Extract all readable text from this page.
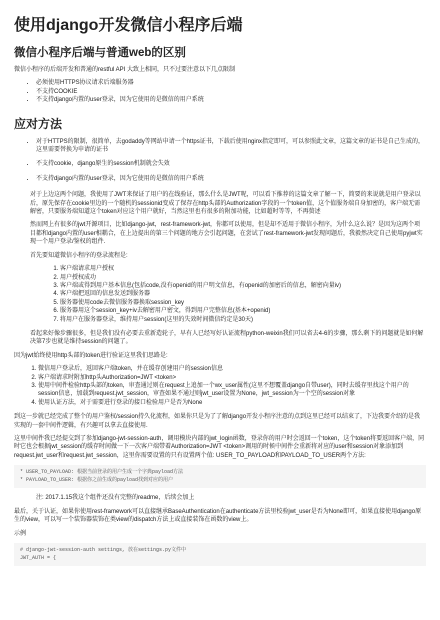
使用django开发微信小程序后端
微信小程序后端与普通web的区别

微信小程序的后端开发和普通的restful API 大致上相同，只不过要注意以下几点限制

• 必须使用HTTPS协议请求后端服务器
• 不支持COOKIE
• 不支持django内置的user登录，因为它使用的是微信的用户系统
应对方法
• 对于HTTPS的限制，很简单，去godaddy等网站申请一个https证书，下载后使用nginx指定即可，可以参照此文章，这篇文章的证书是自己生成的，这里需要替换为申请的证书
• 不支持cookie，django原生的session机制就会失效
• 不支持django内置的user登录，因为它使用的是微信的用户系统

对于上边这两个问题，我使用了JWT来保证了用户的在线验证，那么什么是JWT呢，可以看下推荐的这篇文章了解一下，简要的来说就是用户登录以后，原先保存在cookie里边的一个随机的sessionid变成了保存在http头部的Authorization字段的一个token值，这个值服务端自身加密的，客户端无需解密，只要服务端知道这个token对应这个用户就好，当然这里也有很多的附加功能，比如超时等等，不再赘述

然而网上有很多的jwt开源项目，比如django-jwt，rest-framework-jwt，你都可以使用，但是却不适用于微信小程序，为什么这么说？是因为这两个项目都和django内置的user相耦合，在上边提出的第三个问题的地方会引起问题，在尝试了rest-framework-jwt发现问题后，我毅然决定自己使用pyjwt实现一个用户登录/鉴权的组件.

首先要知道微信小程序的登录流程是:

1. 客户端请求用户授权
2. 用户授权成功
3. 客户端或得到用户基本信息(包括code,没有openid的用户明文信息，有openid的加密后的信息，解密向量iv)
4. 客户端把返回的信息发送到服务器
5. 服务器使用code去微信服务器换取session_key
6. 服务器用这个session_key+iv去解密用户密文，得到用户完整信息(基本+openid)
7. 将用户在服务器登录，维持用户session(这里的失效时间微信约定是30天)

看起来好像步骤很多，但是我们没有必要去重新造轮子，早有人已经写好认证流程python-weixin我们可以省去4-6的步骤，那么剩下的问题就是如何解决第7步也就是维持session的问题了。

因为jwt始终使用http头部的token进行验证这里我们思路是:

1. 微信用户登录后，返回客户端token，并在缓存创建用户的session信息
2. 客户端请求时附加http头Authorization=JWT <token>
3. 使用中间件检验http头部的token，审查通过则在request上追加一个wx_user属性(这里不想覆盖django自带user)，同时去缓存里找这个用户的session信息，加载到request.jwt_session，审查如果不通过则jwt_user设置为None，jwt_session为一个空的session对象
4. 使用认证方法，对于需要进行登录的接口检验用户是否为None

到这一步就已经完成了整个的用户鉴权/session持久化流程，如果你只是为了了解django开发小程序注意的点到这里已经可以结束了，下边我要介绍的是我实现的一套中间件逻辑，有兴趣可以拿去直接使用.

这里中间件我已经提交到了参加django-jwt-session-auth，调用模块内部的jwt_login函数，登录你的用户时会返回一个token，这个token将要返回客户端，同时它也会根据jwt_session的缓存时间做一下一次客户端带着Authorization=JWT <token>调用的时候中间件会重新将对应的user和session对象添加到request.jwt_user和request.jwt_session，这里你需要设置的只有设置两个值: USER_TO_PAYLOAD和PAYLOAD_TO_USER两个方法:

* USER_TO_PAYLOAD: 根据当前登录的用户生成一个字典payload方法
* PAYLOAD_TO_USER: 根据你之前生成的payload找到对应的用户

注: 2017.1.15我这个组件还没有完整的readme，后续会加上

最后，关于认证，如果你使用rest-framework可以直接继承BaseAuthentication在authenticate方法里校验jwt_user是否为None即可，如果直接使用django原生的view，可以写一个装饰器装饰在类view的dispatch方法上或直接装饰在函数的view上。

示例

# django-jwt-session-auth settings, 放在settings.py文件中
JWT_AUTH = {
